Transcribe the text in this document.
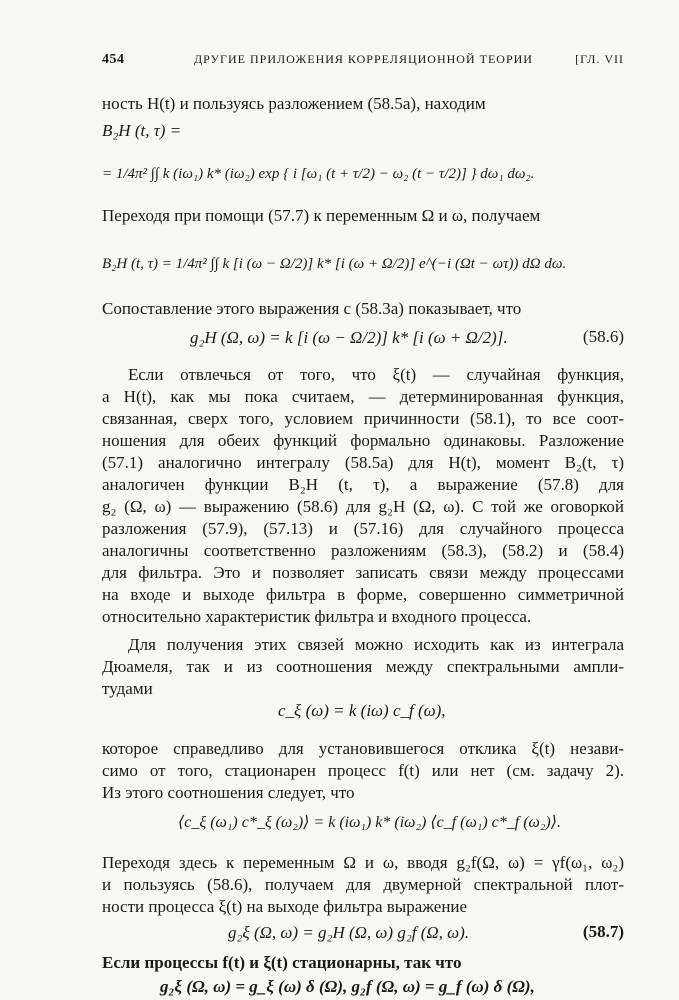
454	ДРУГИЕ ПРИЛОЖЕНИЯ КОРРЕЛЯЦИОННОЙ ТЕОРИИ	[ГЛ. VII
ность H(t) и пользуясь разложением (58.5а), находим
B₂H (t, τ) =
= 1/4π² ∫∫ k (iω₁) k* (iω₂) exp { i [ω₁ (t + τ/2) − ω₂ (t − τ/2)] } dω₁ dω₂.
Переходя при помощи (57.7) к переменным Ω и ω, получаем
B₂H (t, τ) = 1/4π² ∫∫ k [i (ω − Ω/2)] k* [i (ω + Ω/2)] e^(−i (Ωt − ωτ)) dΩ dω.
Сопоставление этого выражения с (58.3а) показывает, что
g₂H (Ω, ω) = k [i (ω − Ω/2)] k* [i (ω + Ω/2)].	(58.6)
Если отвлечься от того, что ξ(t) — случайная функция,
а H(t), как мы пока считаем, — детерминированная функция,
связанная, сверх того, условием причинности (58.1), то все соот-
ношения для обеих функций формально одинаковы. Разложение
(57.1) аналогично интегралу (58.5а) для H(t), момент B₂(t, τ)
аналогичен функции B₂H (t, τ), а выражение (57.8) для
g₂ (Ω, ω) — выражению (58.6) для g₂H (Ω, ω). С той же оговоркой
разложения (57.9), (57.13) и (57.16) для случайного процесса
аналогичны соответственно разложениям (58.3), (58.2) и (58.4)
для фильтра. Это и позволяет записать связи между процессами
на входе и выходе фильтра в форме, совершенно симметричной
относительно характеристик фильтра и входного процесса.
Для получения этих связей можно исходить как из интеграла
Дюамеля, так и из соотношения между спектральными ампли-
тудами
c_ξ (ω) = k (iω) c_f (ω),
которое справедливо для установившегося отклика ξ(t) незави-
симо от того, стационарен процесс f(t) или нет (см. задачу 2).
Из этого соотношения следует, что
⟨c_ξ (ω₁) c*_ξ (ω₂)⟩ = k (iω₁) k* (iω₂) ⟨c_f (ω₁) c*_f (ω₂)⟩.
Переходя здесь к переменным Ω и ω, вводя g₂f(Ω, ω) = γf(ω₁, ω₂)
и пользуясь (58.6), получаем для двумерной спектральной плот-
ности процесса ξ(t) на выходе фильтра выражение
g₂ξ (Ω, ω) = g₂H (Ω, ω) g₂f (Ω, ω).	(58.7)
Если процессы f(t) и ξ(t) стационарны, так что
g₂ξ (Ω, ω) = g_ξ (ω) δ (Ω), g₂f (Ω, ω) = g_f (ω) δ (Ω),
